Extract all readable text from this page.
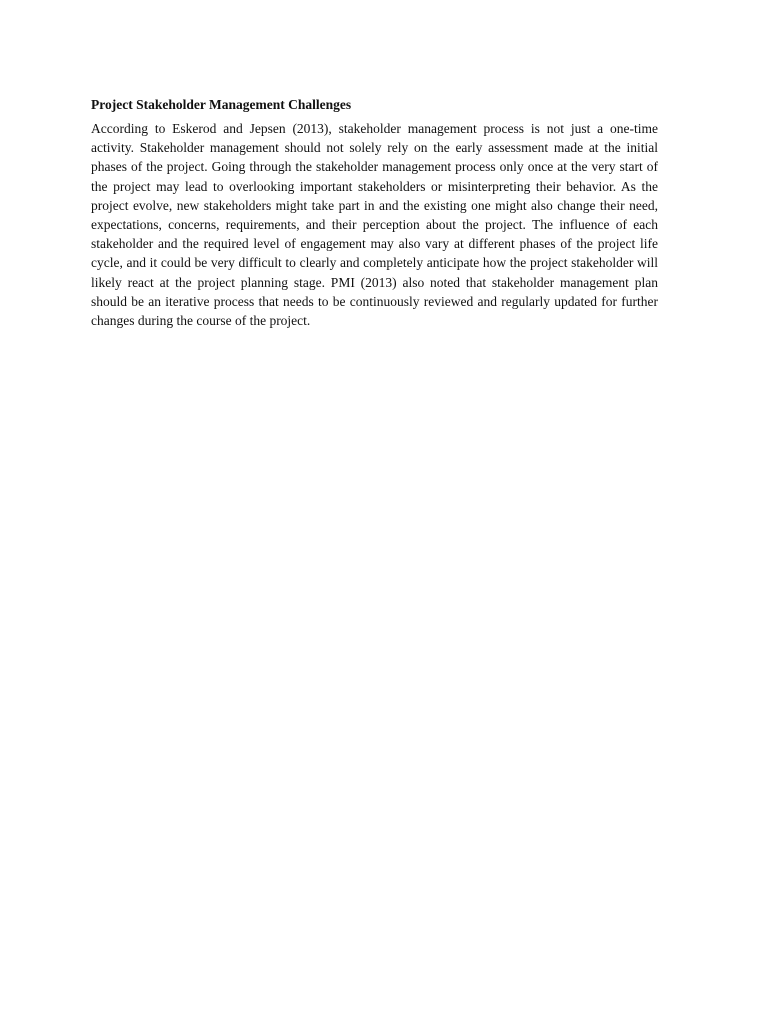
Project Stakeholder Management Challenges

According to Eskerod and Jepsen (2013), stakeholder management process is not just a one-time activity. Stakeholder management should not solely rely on the early assessment made at the initial phases of the project. Going through the stakeholder management process only once at the very start of the project may lead to overlooking important stakeholders or misinterpreting their behavior. As the project evolve, new stakeholders might take part in and the existing one might also change their need, expectations, concerns, requirements, and their perception about the project. The influence of each stakeholder and the required level of engagement may also vary at different phases of the project life cycle, and it could be very difficult to clearly and completely anticipate how the project stakeholder will likely react at the project planning stage. PMI (2013) also noted that stakeholder management plan should be an iterative process that needs to be continuously reviewed and regularly updated for further changes during the course of the project.
